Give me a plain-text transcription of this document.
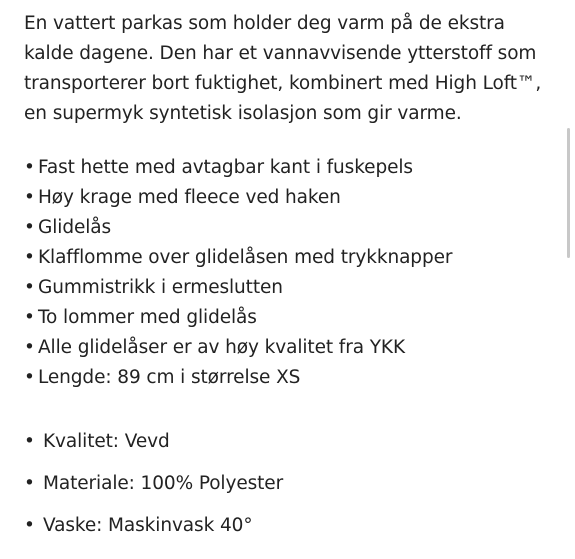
En vattert parkas som holder deg varm på de ekstra kalde dagene. Den har et vannavvisende ytterstoff som transporterer bort fuktighet, kombinert med High Loft™, en supermyk syntetisk isolasjon som gir varme.

• Fast hette med avtagbar kant i fuskepels
• Høy krage med fleece ved haken
• Glidelås
• Klafflomme over glidelåsen med trykknapper
• Gummistrikk i ermeslutten
• To lommer med glidelås
• Alle glidelåser er av høy kvalitet fra YKK
• Lengde: 89 cm i størrelse XS
• Kvalitet: Vevd
• Materiale: 100% Polyester
• Vaske: Maskinvask 40°
